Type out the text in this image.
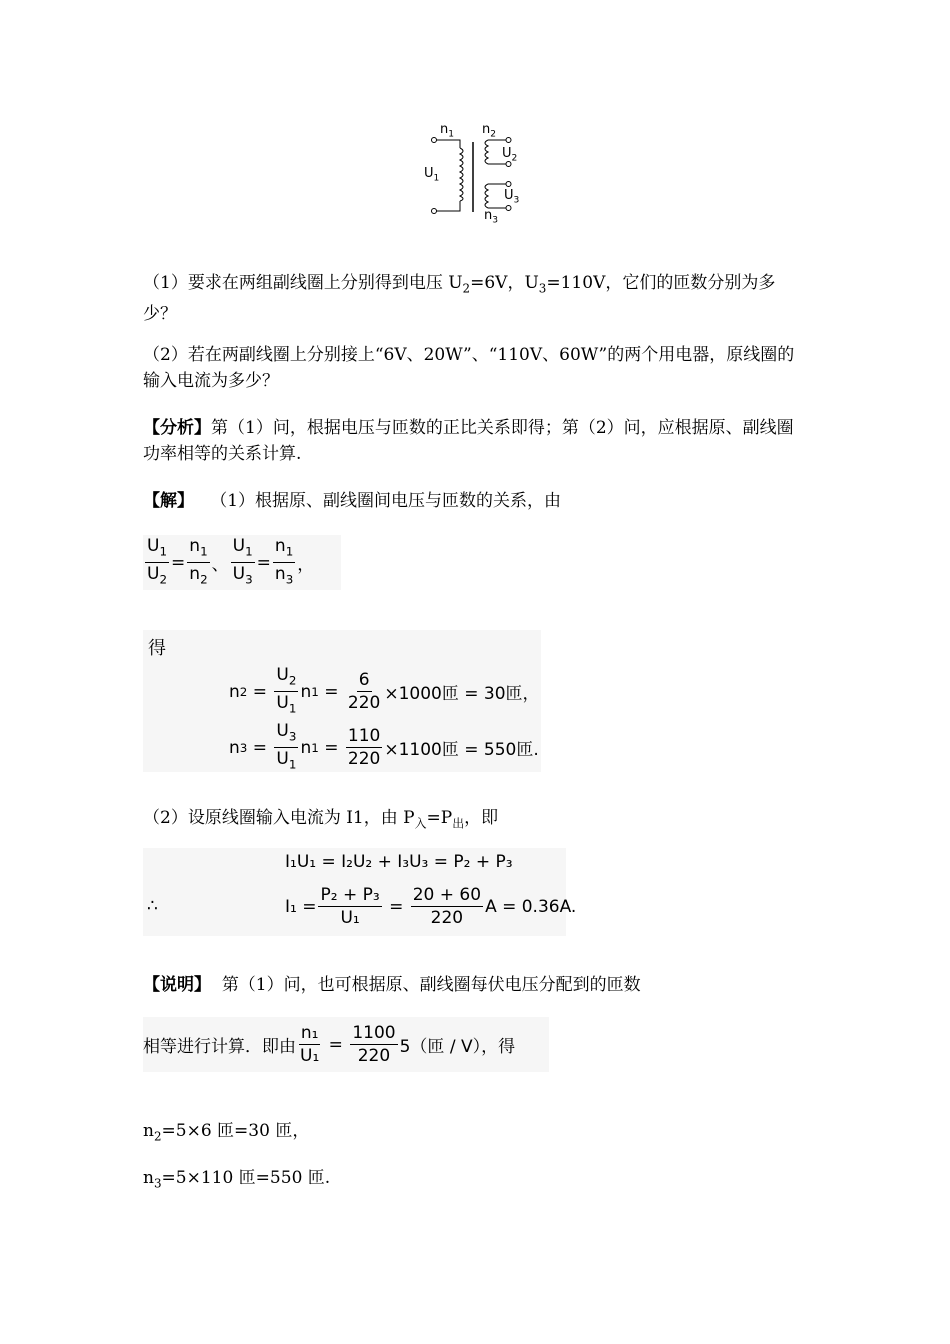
$n_1$ $n_2$
$U_1$
$U_2$
$U_3$
$n_3$
（1）要求在两组副线圈上分别得到电压 $U_2=6V$，$U_3=110V$，它们的匝数分别为多少？
（2）若在两副线圈上分别接上“6V、20W”、“110V、60W”的两个用电器，原线圈的输入电流为多少？
【分析】第（1）问，根据电压与匝数的正比关系即得；第（2）问，应根据原、副线圈功率相等的关系计算.
【解】 （1）根据原、副线圈间电压与匝数的关系，由
$\frac{U_1}{U_2} = \frac{n_1}{n_2}$ 、 $\frac{U_1}{U_3} = \frac{n_1}{n_3}$ ，
得
n $2 = \frac{U_2}{U_1}$ n $1 = \frac{6}{220} \times 1000$匝 = 30匝，
n $3 = \frac{U_3}{U_1}$ n $1 = \frac{110}{220} \times 1100$匝 = 550匝.
（2）设原线圈输入电流为 I1，由 $P_入=P_出$，即
∴
I₁U₁ = I₂U₂ + I₃U₃ = P₂ + P₃
$I_1 = \frac{\text{P₂ + P₃}}{\text{U₁}} = \frac{20 + 60}{220}$ A = 0.36A.
【说明】 第（1）问，也可根据原、副线圈每伏电压分配到的匝数
相等进行计算．即由 $\frac{\text{n₁}}{\text{U₁}} = \frac{1100}{220} 5$（匝 / V），得
$n_2=5\times 6$ 匝=30 匝，
$n_3=5\times 110$ 匝=550 匝.
